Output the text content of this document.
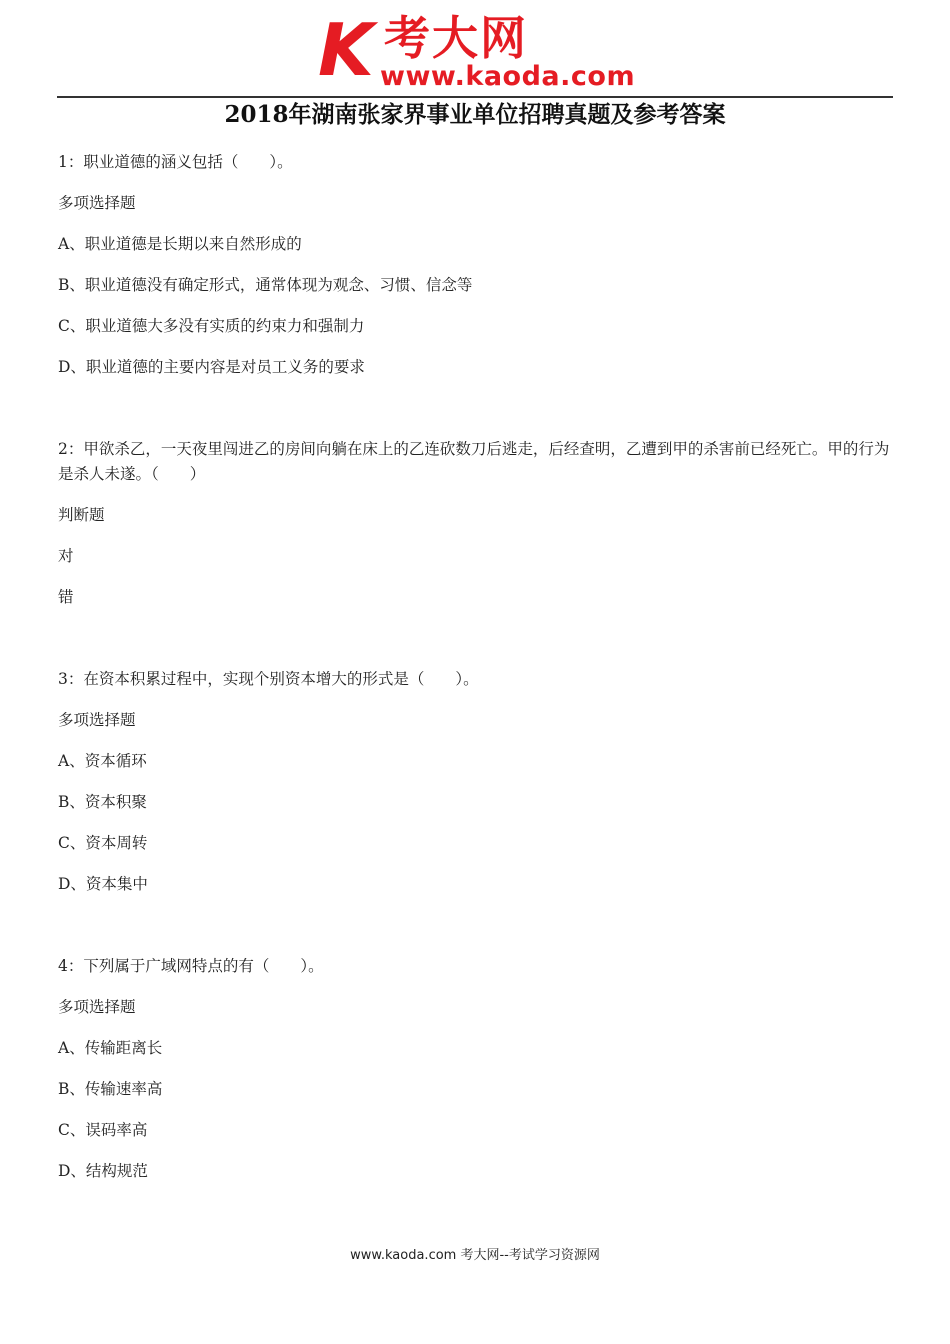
K 考大网
www.kaoda.com
2018年湖南张家界事业单位招聘真题及参考答案
1：职业道德的涵义包括（　　）。
多项选择题
A、职业道德是长期以来自然形成的
B、职业道德没有确定形式，通常体现为观念、习惯、信念等
C、职业道德大多没有实质的约束力和强制力
D、职业道德的主要内容是对员工义务的要求
2：甲欲杀乙，一天夜里闯进乙的房间向躺在床上的乙连砍数刀后逃走，后经查明，乙遭到甲的杀害前已经死亡。甲的行为是杀人未遂。（　　）
判断题
对
错
3：在资本积累过程中，实现个别资本增大的形式是（　　）。
多项选择题
A、资本循环
B、资本积聚
C、资本周转
D、资本集中
4：下列属于广域网特点的有（　　）。
多项选择题
A、传输距离长
B、传输速率高
C、误码率高
D、结构规范
www.kaoda.com 考大网--考试学习资源网
